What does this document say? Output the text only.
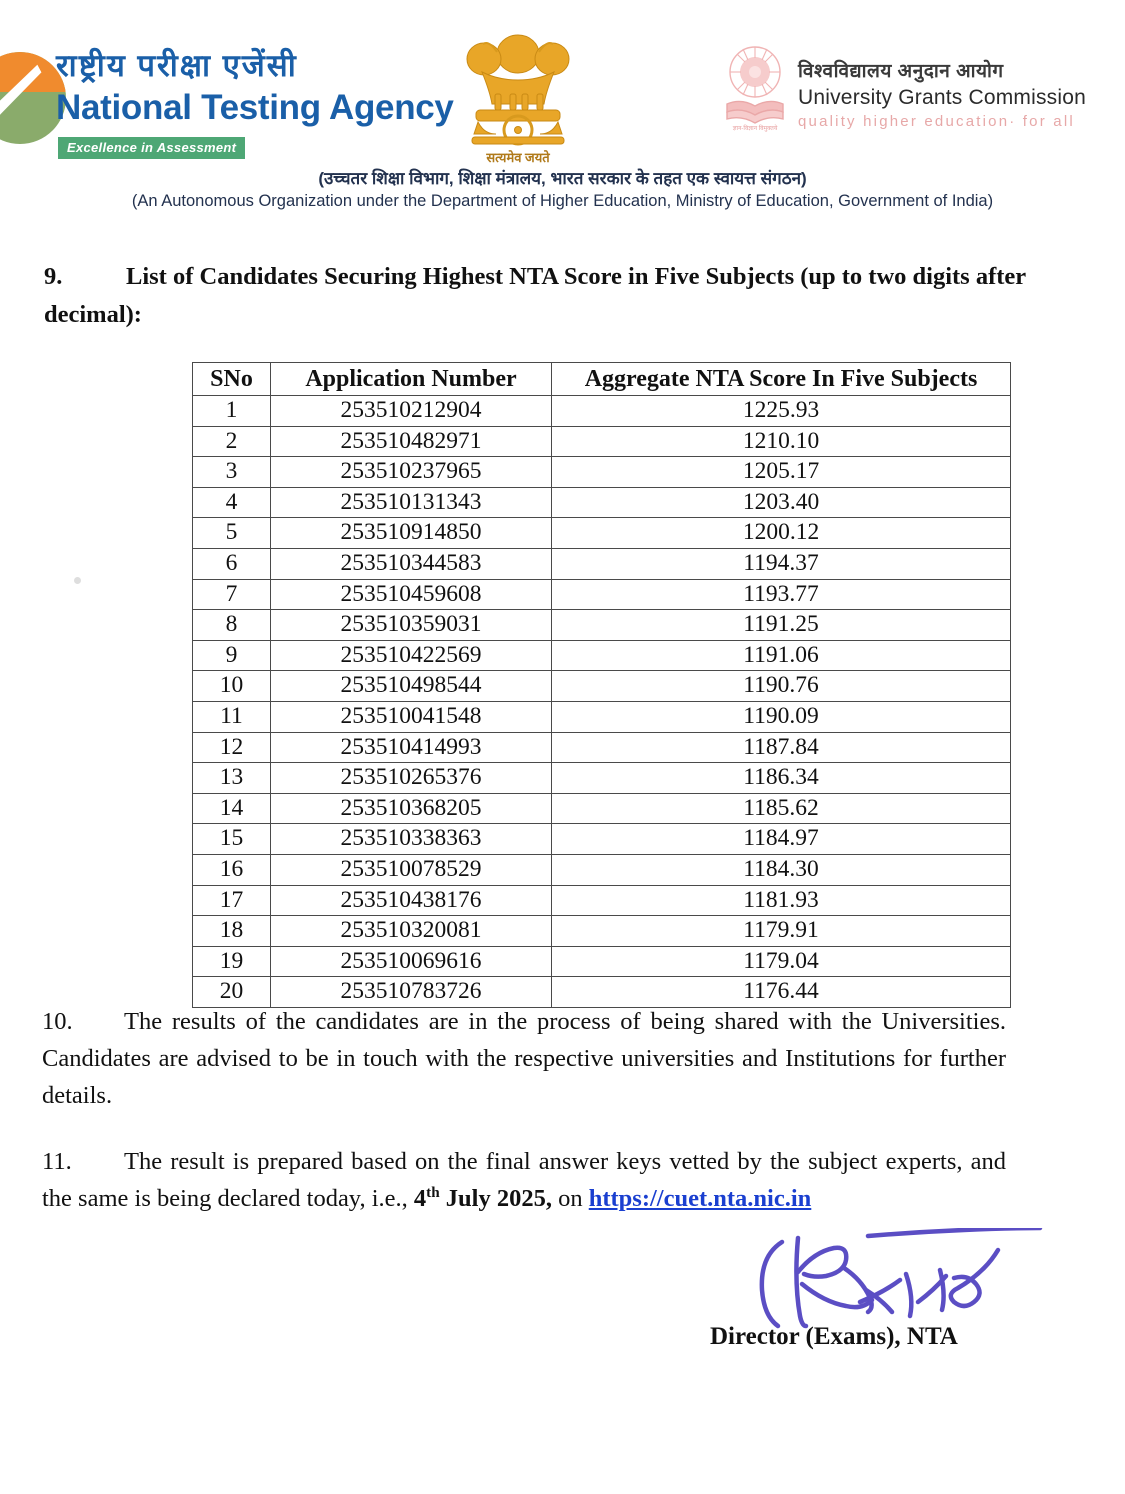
राष्ट्रीय परीक्षा एजेंसी
National Testing Agency
Excellence in Assessment
सत्यमेव जयते
ज्ञान-विज्ञान विमुक्तये
विश्वविद्यालय अनुदान आयोग
University Grants Commission
quality higher education· for all
(उच्चतर शिक्षा विभाग, शिक्षा मंत्रालय, भारत सरकार के तहत एक स्वायत्त संगठन)
(An Autonomous Organization under the Department of Higher Education, Ministry of Education, Government of India)
9.	List of Candidates Securing Highest NTA Score in Five Subjects (up to two digits after decimal):
SNo	Application Number	Aggregate NTA Score In Five Subjects
1	253510212904	1225.93
2	253510482971	1210.10
3	253510237965	1205.17
4	253510131343	1203.40
5	253510914850	1200.12
6	253510344583	1194.37
7	253510459608	1193.77
8	253510359031	1191.25
9	253510422569	1191.06
10	253510498544	1190.76
11	253510041548	1190.09
12	253510414993	1187.84
13	253510265376	1186.34
14	253510368205	1185.62
15	253510338363	1184.97
16	253510078529	1184.30
17	253510438176	1181.93
18	253510320081	1179.91
19	253510069616	1179.04
20	253510783726	1176.44
10. The results of the candidates are in the process of being shared with the Universities. Candidates are advised to be in touch with the respective universities and Institutions for further details.
11. The result is prepared based on the final answer keys vetted by the subject experts, and the same is being declared today, i.e., 4th July 2025, on https://cuet.nta.nic.in
Director (Exams), NTA
